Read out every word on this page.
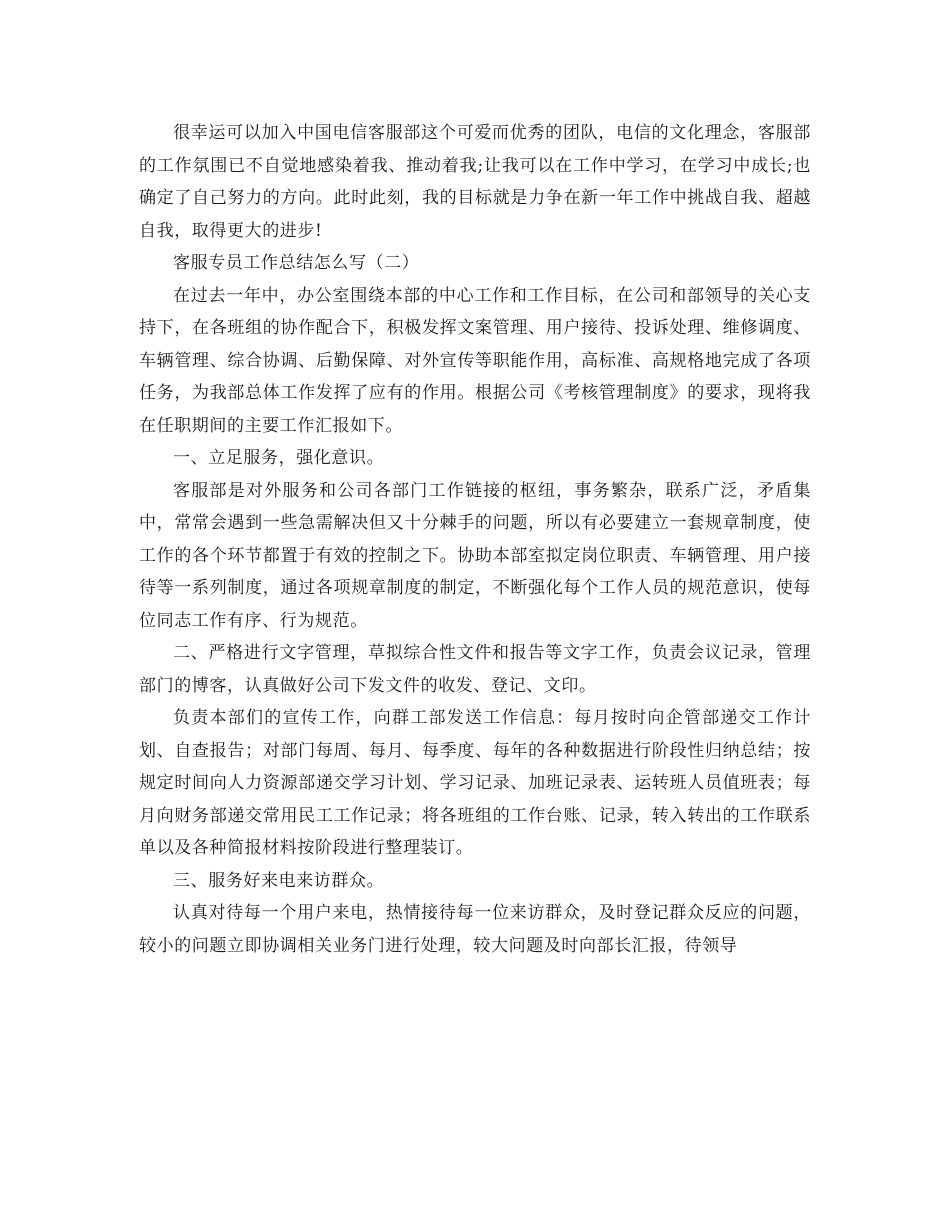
很幸运可以加入中国电信客服部这个可爱而优秀的团队，电信的文化理念，客服部的工作氛围已不自觉地感染着我、推动着我;让我可以在工作中学习，在学习中成长;也确定了自己努力的方向。此时此刻，我的目标就是力争在新一年工作中挑战自我、超越自我，取得更大的进步!

客服专员工作总结怎么写（二）

在过去一年中，办公室围绕本部的中心工作和工作目标，在公司和部领导的关心支持下，在各班组的协作配合下，积极发挥文案管理、用户接待、投诉处理、维修调度、车辆管理、综合协调、后勤保障、对外宣传等职能作用，高标准、高规格地完成了各项任务，为我部总体工作发挥了应有的作用。根据公司《考核管理制度》的要求，现将我在任职期间的主要工作汇报如下。

一、立足服务，强化意识。

客服部是对外服务和公司各部门工作链接的枢纽，事务繁杂，联系广泛，矛盾集中，常常会遇到一些急需解决但又十分棘手的问题，所以有必要建立一套规章制度，使工作的各个环节都置于有效的控制之下。协助本部室拟定岗位职责、车辆管理、用户接待等一系列制度，通过各项规章制度的制定，不断强化每个工作人员的规范意识，使每位同志工作有序、行为规范。

二、严格进行文字管理，草拟综合性文件和报告等文字工作，负责会议记录，管理部门的博客，认真做好公司下发文件的收发、登记、文印。

负责本部们的宣传工作，向群工部发送工作信息：每月按时向企管部递交工作计划、自查报告；对部门每周、每月、每季度、每年的各种数据进行阶段性归纳总结；按规定时间向人力资源部递交学习计划、学习记录、加班记录表、运转班人员值班表；每月向财务部递交常用民工工作记录；将各班组的工作台账、记录，转入转出的工作联系单以及各种简报材料按阶段进行整理装订。

三、服务好来电来访群众。

认真对待每一个用户来电，热情接待每一位来访群众，及时登记群众反应的问题，较小的问题立即协调相关业务门进行处理，较大问题及时向部长汇报，待领导
